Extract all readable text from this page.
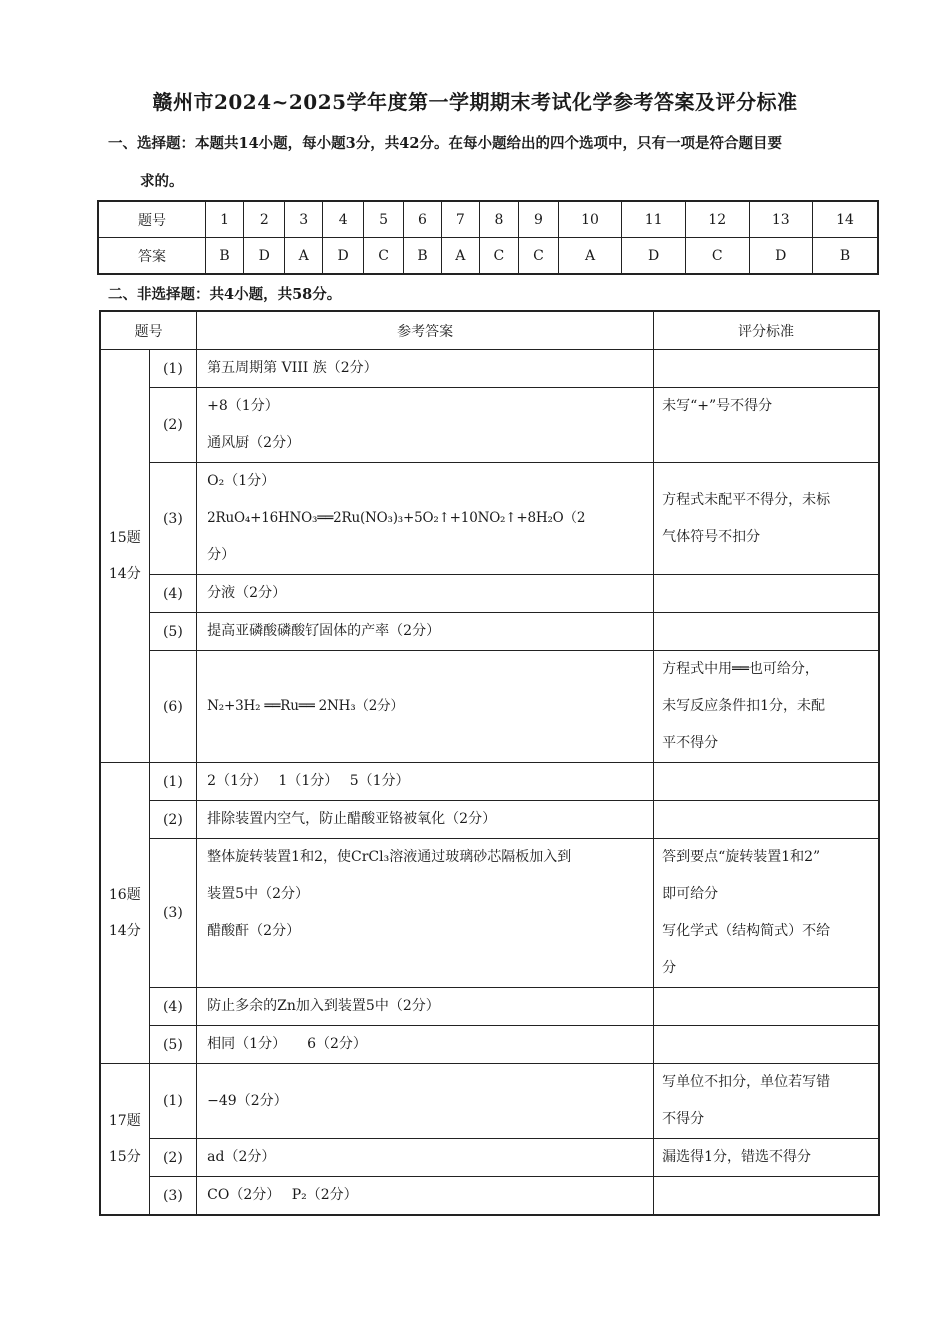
赣州市2024~2025学年度第一学期期末考试化学参考答案及评分标准
一、选择题：本题共14小题，每小题3分，共42分。在每小题给出的四个选项中，只有一项是符合题目要
求的。
题号	1	2	3	4	5	6	7	8	9	10	11	12	13	14
答案	B	D	A	D	C	B	A	C	C	A	D	C	D	B
二、非选择题：共4小题，共58分。
题号		参考答案	评分标准

15题
14分	(1)	第五周期第 VIII 族（2分）	

	(2)	+8（1分）
通风厨（2分）	未写“+”号不得分

	(3)	O₂（1分）
2RuO₄+16HNO₃══2Ru(NO₃)₃+5O₂↑+10NO₂↑+8H₂O（2
分）	方程式未配平不得分，未标
气体符号不扣分

	(4)	分液（2分）	

	(5)	提高亚磷酸磷酸钌固体的产率（2分）	

	(6)	N₂+3H₂ ══Ru══ 2NH₃（2分）	方程式中用══也可给分，
未写反应条件扣1分，未配
平不得分

16题
14分	(1)	2（1分）　 1（1分）　 5（1分）	

	(2)	排除装置内空气，防止醋酸亚铬被氧化（2分）	

	(3)	整体旋转装置1和2，使CrCl₃溶液通过玻璃砂芯隔板加入到
装置5中（2分）
醋酸酐（2分）	答到要点“旋转装置1和2”
即可给分
写化学式（结构简式）不给
分

	(4)	防止多余的Zn加入到装置5中（2分）	

	(5)	相同（1分）　　6（2分）	

17题
15分	(1)	−49（2分）	写单位不扣分，单位若写错
不得分

	(2)	ad（2分）	漏选得1分，错选不得分

	(3)	CO（2分）　 P₂（2分）	
